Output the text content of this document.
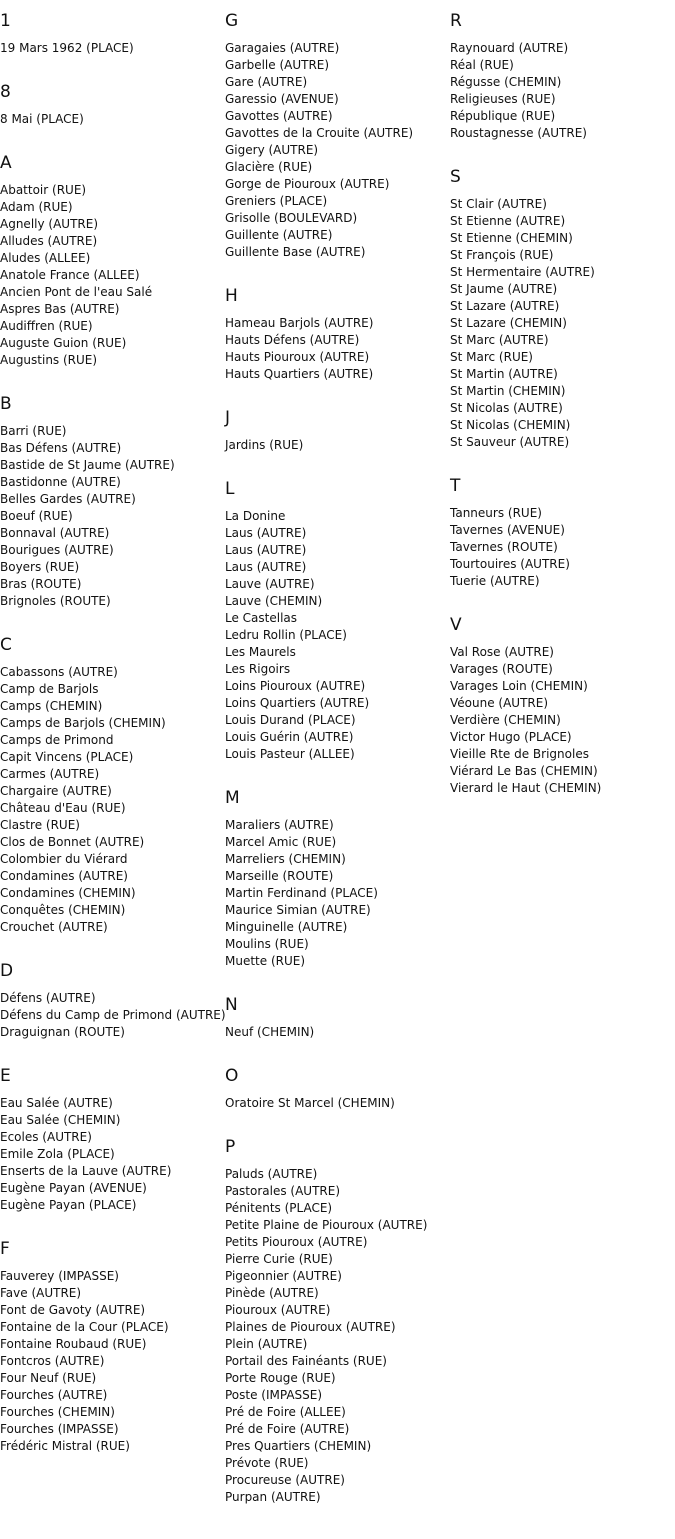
1
19 Mars 1962 (PLACE)
8
8 Mai (PLACE)
A
Abattoir (RUE)
Adam (RUE)
Agnelly (AUTRE)
Alludes (AUTRE)
Aludes (ALLEE)
Anatole France (ALLEE)
Ancien Pont de l'eau Salé
Aspres Bas (AUTRE)
Audiffren (RUE)
Auguste Guion (RUE)
Augustins (RUE)
B
Barri (RUE)
Bas Défens (AUTRE)
Bastide de St Jaume (AUTRE)
Bastidonne (AUTRE)
Belles Gardes (AUTRE)
Boeuf (RUE)
Bonnaval (AUTRE)
Bourigues (AUTRE)
Boyers (RUE)
Bras (ROUTE)
Brignoles (ROUTE)
C
Cabassons (AUTRE)
Camp de Barjols
Camps (CHEMIN)
Camps de Barjols (CHEMIN)
Camps de Primond
Capit Vincens (PLACE)
Carmes (AUTRE)
Chargaire (AUTRE)
Château d'Eau (RUE)
Clastre (RUE)
Clos de Bonnet (AUTRE)
Colombier du Viérard
Condamines (AUTRE)
Condamines (CHEMIN)
Conquêtes (CHEMIN)
Crouchet (AUTRE)
D
Défens (AUTRE)
Défens du Camp de Primond (AUTRE)
Draguignan (ROUTE)
E
Eau Salée (AUTRE)
Eau Salée (CHEMIN)
Ecoles (AUTRE)
Emile Zola (PLACE)
Enserts de la Lauve (AUTRE)
Eugène Payan (AVENUE)
Eugène Payan (PLACE)
F
Fauverey (IMPASSE)
Fave (AUTRE)
Font de Gavoty (AUTRE)
Fontaine de la Cour (PLACE)
Fontaine Roubaud (RUE)
Fontcros (AUTRE)
Four Neuf (RUE)
Fourches (AUTRE)
Fourches (CHEMIN)
Fourches (IMPASSE)
Frédéric Mistral (RUE)
G
Garagaies (AUTRE)
Garbelle (AUTRE)
Gare (AUTRE)
Garessio (AVENUE)
Gavottes (AUTRE)
Gavottes de la Crouite (AUTRE)
Gigery (AUTRE)
Glacière (RUE)
Gorge de Piouroux (AUTRE)
Greniers (PLACE)
Grisolle (BOULEVARD)
Guillente (AUTRE)
Guillente Base (AUTRE)
H
Hameau Barjols (AUTRE)
Hauts Défens (AUTRE)
Hauts Piouroux (AUTRE)
Hauts Quartiers (AUTRE)
J
Jardins (RUE)
L
La Donine
Laus (AUTRE)
Laus (AUTRE)
Laus (AUTRE)
Lauve (AUTRE)
Lauve (CHEMIN)
Le Castellas
Ledru Rollin (PLACE)
Les Maurels
Les Rigoirs
Loins Piouroux (AUTRE)
Loins Quartiers (AUTRE)
Louis Durand (PLACE)
Louis Guérin (AUTRE)
Louis Pasteur (ALLEE)
M
Maraliers (AUTRE)
Marcel Amic (RUE)
Marreliers (CHEMIN)
Marseille (ROUTE)
Martin Ferdinand (PLACE)
Maurice Simian (AUTRE)
Minguinelle (AUTRE)
Moulins (RUE)
Muette (RUE)
N
Neuf (CHEMIN)
O
Oratoire St Marcel (CHEMIN)
P
Paluds (AUTRE)
Pastorales (AUTRE)
Pénitents (PLACE)
Petite Plaine de Piouroux (AUTRE)
Petits Piouroux (AUTRE)
Pierre Curie (RUE)
Pigeonnier (AUTRE)
Pinède (AUTRE)
Piouroux (AUTRE)
Plaines de Piouroux (AUTRE)
Plein (AUTRE)
Portail des Fainéants (RUE)
Porte Rouge (RUE)
Poste (IMPASSE)
Pré de Foire (ALLEE)
Pré de Foire (AUTRE)
Pres Quartiers (CHEMIN)
Prévote (RUE)
Procureuse (AUTRE)
Purpan (AUTRE)
R
Raynouard (AUTRE)
Réal (RUE)
Régusse (CHEMIN)
Religieuses (RUE)
République (RUE)
Roustagnesse (AUTRE)
S
St Clair (AUTRE)
St Etienne (AUTRE)
St Etienne (CHEMIN)
St François (RUE)
St Hermentaire (AUTRE)
St Jaume (AUTRE)
St Lazare (AUTRE)
St Lazare (CHEMIN)
St Marc (AUTRE)
St Marc (RUE)
St Martin (AUTRE)
St Martin (CHEMIN)
St Nicolas (AUTRE)
St Nicolas (CHEMIN)
St Sauveur (AUTRE)
T
Tanneurs (RUE)
Tavernes (AVENUE)
Tavernes (ROUTE)
Tourtouires (AUTRE)
Tuerie (AUTRE)
V
Val Rose (AUTRE)
Varages (ROUTE)
Varages Loin (CHEMIN)
Véoune (AUTRE)
Verdière (CHEMIN)
Victor Hugo (PLACE)
Vieille Rte de Brignoles
Viérard Le Bas (CHEMIN)
Vierard le Haut (CHEMIN)
